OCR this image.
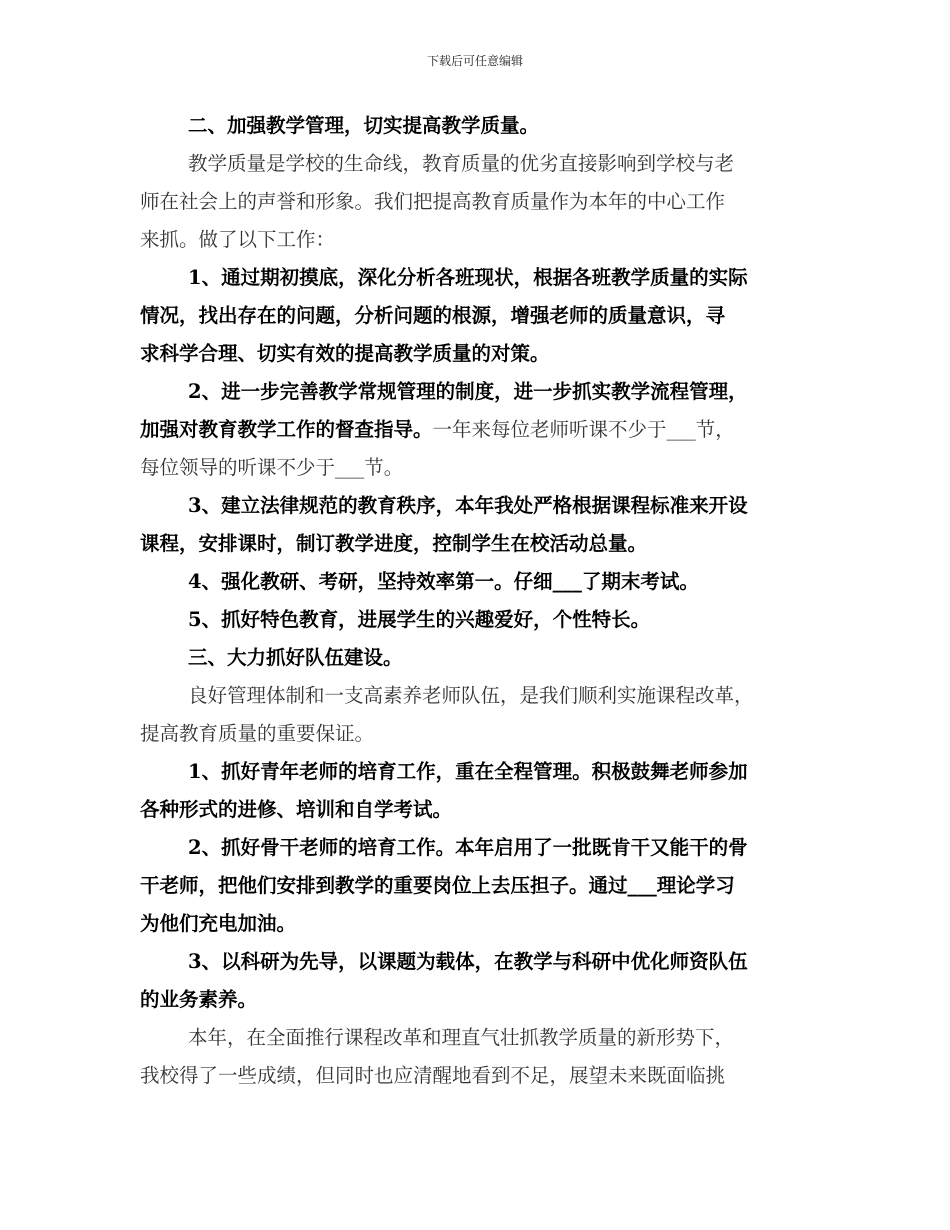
下载后可任意编辑
二、加强教学管理，切实提高教学质量。
教学质量是学校的生命线，教育质量的优劣直接影响到学校与老
师在社会上的声誉和形象。我们把提高教育质量作为本年的中心工作
来抓。做了以下工作：
1、通过期初摸底，深化分析各班现状，根据各班教学质量的实际
情况，找出存在的问题，分析问题的根源，增强老师的质量意识，寻
求科学合理、切实有效的提高教学质量的对策。
2、进一步完善教学常规管理的制度，进一步抓实教学流程管理，
加强对教育教学工作的督查指导。一年来每位老师听课不少于___节，
每位领导的听课不少于___节。
3、建立法律规范的教育秩序，本年我处严格根据课程标准来开设
课程，安排课时，制订教学进度，控制学生在校活动总量。
4、强化教研、考研，坚持效率第一。仔细___了期末考试。
5、抓好特色教育，进展学生的兴趣爱好，个性特长。
三、大力抓好队伍建设。
良好管理体制和一支高素养老师队伍，是我们顺利实施课程改革，
提高教育质量的重要保证。
1、抓好青年老师的培育工作，重在全程管理。积极鼓舞老师参加
各种形式的进修、培训和自学考试。
2、抓好骨干老师的培育工作。本年启用了一批既肯干又能干的骨
干老师，把他们安排到教学的重要岗位上去压担子。通过___理论学习
为他们充电加油。
3、以科研为先导，以课题为载体，在教学与科研中优化师资队伍
的业务素养。
本年，在全面推行课程改革和理直气壮抓教学质量的新形势下，
我校得了一些成绩，但同时也应清醒地看到不足，展望未来既面临挑
